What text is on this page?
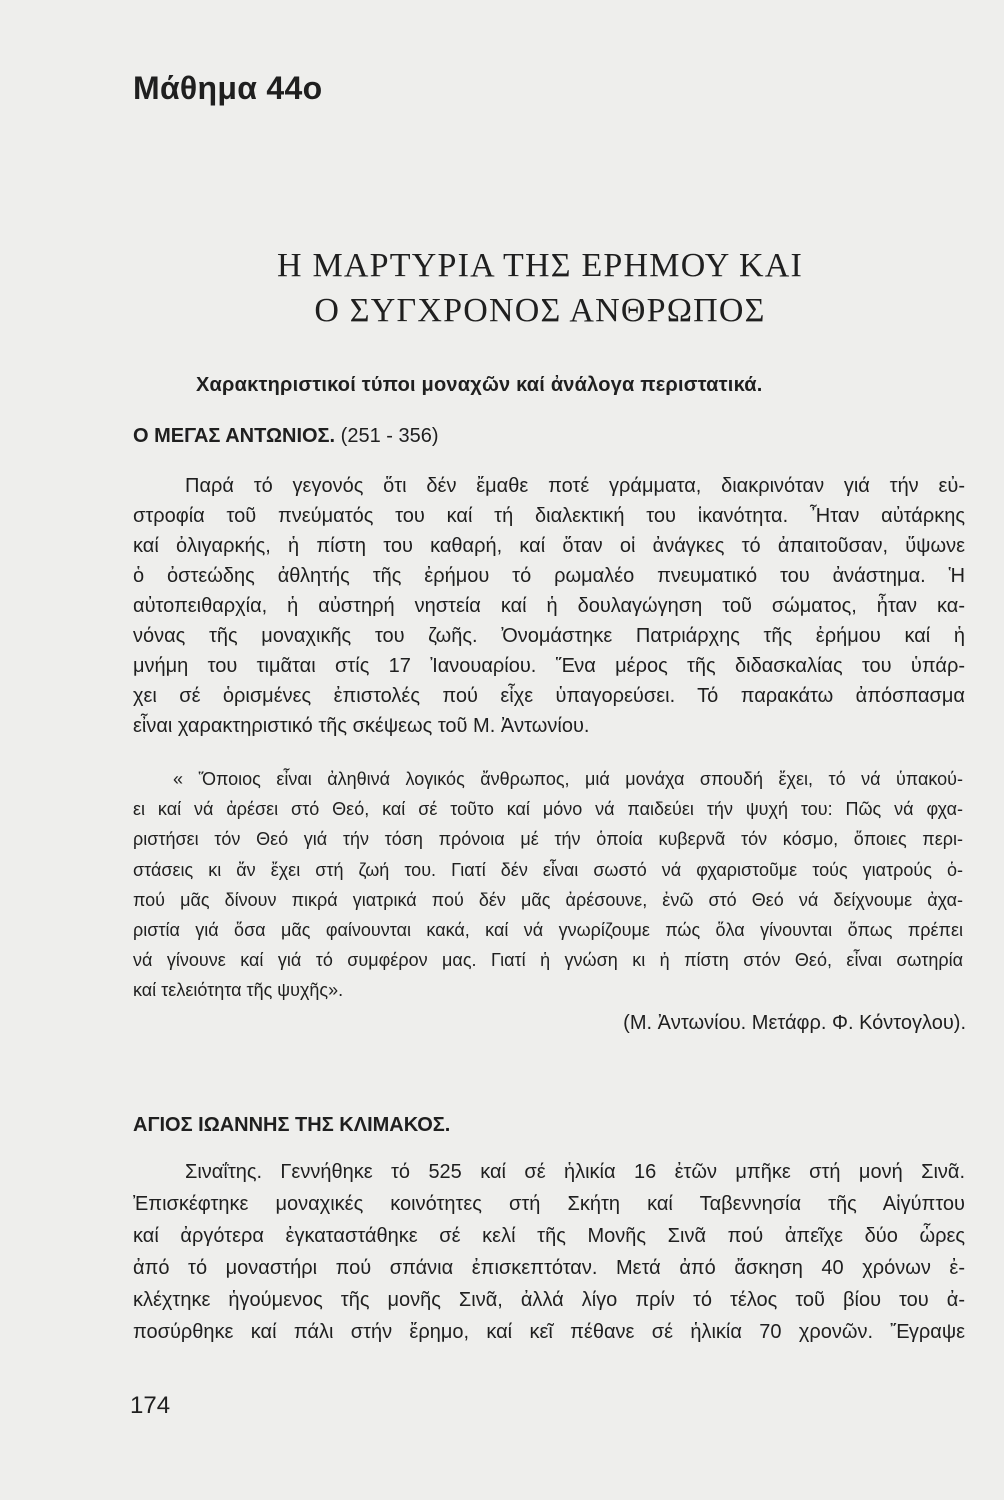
Μάθημα 44ο
Η ΜΑΡΤΥΡΙΑ ΤΗΣ ΕΡΗΜΟΥ ΚΑΙ
Ο ΣΥΓΧΡΟΝΟΣ ΑΝΘΡΩΠΟΣ
Χαρακτηριστικοί τύποι μοναχῶν καί ἀνάλογα περιστατικά.
Ο ΜΕΓΑΣ ΑΝΤΩΝΙΟΣ. (251 - 356)
Παρά τό γεγονός ὅτι δέν ἔμαθε ποτέ γράμματα, διακρινόταν γιά τήν εὐ-
στροφία τοῦ πνεύματός του καί τή διαλεκτική του ἱκανότητα. Ἦταν αὐτάρκης
καί ὀλιγαρκής, ἡ πίστη του καθαρή, καί ὅταν οἱ ἀνάγκες τό ἀπαιτοῦσαν, ὕψωνε
ὁ ὀστεώδης ἀθλητής τῆς ἐρήμου τό ρωμαλέο πνευματικό του ἀνάστημα. Ἡ
αὐτοπειθαρχία, ἡ αὐστηρή νηστεία καί ἡ δουλαγώγηση τοῦ σώματος, ἦταν κα-
νόνας τῆς μοναχικῆς του ζωῆς. Ὀνομάστηκε Πατριάρχης τῆς ἐρήμου καί ἡ
μνήμη του τιμᾶται στίς 17 Ἰανουαρίου. Ἕνα μέρος τῆς διδασκαλίας του ὑπάρ-
χει σέ ὁρισμένες ἐπιστολές πού εἶχε ὑπαγορεύσει. Τό παρακάτω ἀπόσπασμα
εἶναι χαρακτηριστικό τῆς σκέψεως τοῦ Μ. Ἀντωνίου.
« Ὅποιος εἶναι ἀληθινά λογικός ἄνθρωπος, μιά μονάχα σπουδή ἔχει, τό νά ὑπακού-
ει καί νά ἀρέσει στό Θεό, καί σέ τοῦτο καί μόνο νά παιδεύει τήν ψυχή του: Πῶς νά φχα-
ριστήσει τόν Θεό γιά τήν τόση πρόνοια μέ τήν ὁποία κυβερνᾶ τόν κόσμο, ὅποιες περι-
στάσεις κι ἄν ἔχει στή ζωή του. Γιατί δέν εἶναι σωστό νά φχαριστοῦμε τούς γιατρούς ὁ-
πού μᾶς δίνουν πικρά γιατρικά πού δέν μᾶς ἀρέσουνε, ἐνῶ στό Θεό νά δείχνουμε ἀχα-
ριστία γιά ὅσα μᾶς φαίνουνται κακά, καί νά γνωρίζουμε πώς ὅλα γίνουνται ὅπως πρέπει
νά γίνουνε καί γιά τό συμφέρον μας. Γιατί ἡ γνώση κι ἡ πίστη στόν Θεό, εἶναι σωτηρία
καί τελειότητα τῆς ψυχῆς».
(Μ. Ἀντωνίου. Μετάφρ. Φ. Κόντογλου).
ΑΓΙΟΣ ΙΩΑΝΝΗΣ ΤΗΣ ΚΛΙΜΑΚΟΣ.
Σιναΐτης. Γεννήθηκε τό 525 καί σέ ἡλικία 16 ἐτῶν μπῆκε στή μονή Σινᾶ.
Ἐπισκέφτηκε μοναχικές κοινότητες στή Σκήτη καί Ταβεννησία τῆς Αἰγύπτου
καί ἀργότερα ἐγκαταστάθηκε σέ κελί τῆς Μονῆς Σινᾶ πού ἀπεῖχε δύο ὧρες
ἀπό τό μοναστήρι πού σπάνια ἐπισκεπτόταν. Μετά ἀπό ἄσκηση 40 χρόνων ἐ-
κλέχτηκε ἡγούμενος τῆς μονῆς Σινᾶ, ἀλλά λίγο πρίν τό τέλος τοῦ βίου του ἀ-
ποσύρθηκε καί πάλι στήν ἔρημο, καί κεῖ πέθανε σέ ἡλικία 70 χρονῶν. Ἔγραψε
174
